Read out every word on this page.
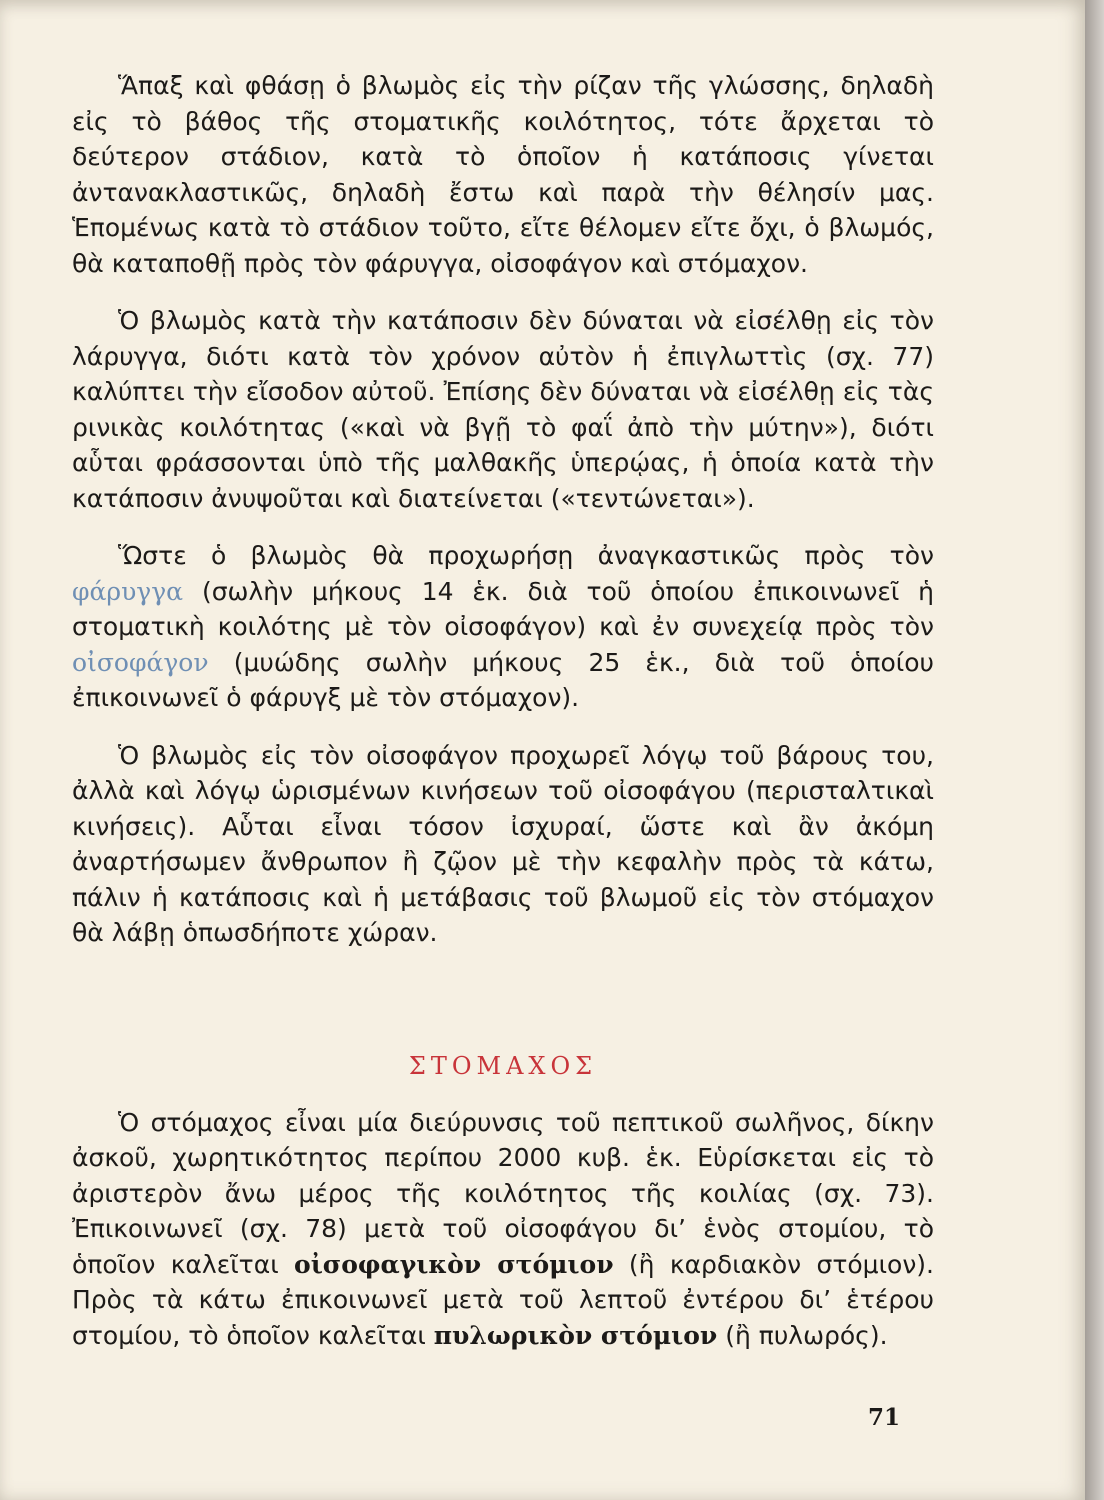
Ἅπαξ καὶ φθάσῃ ὁ βλωμὸς εἰς τὴν ρίζαν τῆς γλώσσης, δηλαδὴ εἰς τὸ βάθος τῆς στοματικῆς κοιλότητος, τότε ἄρχεται τὸ δεύτερον στάδιον, κατὰ τὸ ὁποῖον ἡ κατάποσις γίνεται ἀντανακλαστικῶς, δηλαδὴ ἔστω καὶ παρὰ τὴν θέλησίν μας. Ἑπομένως κατὰ τὸ στάδιον τοῦτο, εἴτε θέλομεν εἴτε ὄχι, ὁ βλωμός, θὰ καταποθῇ πρὸς τὸν φάρυγγα, οἰσοφάγον καὶ στόμαχον.

Ὁ βλωμὸς κατὰ τὴν κατάποσιν δὲν δύναται νὰ εἰσέλθῃ εἰς τὸν λάρυγγα, διότι κατὰ τὸν χρόνον αὐτὸν ἡ ἐπιγλωττὶς (σχ. 77) καλύπτει τὴν εἴσοδον αὐτοῦ. Ἐπίσης δὲν δύναται νὰ εἰσέλθῃ εἰς τὰς ρινικὰς κοιλότητας («καὶ νὰ βγῇ τὸ φαΐ ἀπὸ τὴν μύτην»), διότι αὗται φράσσονται ὑπὸ τῆς μαλθακῆς ὑπερῴας, ἡ ὁποία κατὰ τὴν κατάποσιν ἀνυψοῦται καὶ διατείνεται («τεντώνεται»).

Ὥστε ὁ βλωμὸς θὰ προχωρήσῃ ἀναγκαστικῶς πρὸς τὸν φάρυγγα (σωλὴν μήκους 14 ἑκ. διὰ τοῦ ὁποίου ἐπικοινωνεῖ ἡ στοματικὴ κοιλότης μὲ τὸν οἰσοφάγον) καὶ ἐν συνεχείᾳ πρὸς τὸν οἰσοφάγον (μυώδης σωλὴν μήκους 25 ἑκ., διὰ τοῦ ὁποίου ἐπικοινωνεῖ ὁ φάρυγξ μὲ τὸν στόμαχον).

Ὁ βλωμὸς εἰς τὸν οἰσοφάγον προχωρεῖ λόγῳ τοῦ βάρους του, ἀλλὰ καὶ λόγῳ ὡρισμένων κινήσεων τοῦ οἰσοφάγου (περισταλτικαὶ κινήσεις). Αὗται εἶναι τόσον ἰσχυραί, ὥστε καὶ ἂν ἀκόμη ἀναρτήσωμεν ἄνθρωπον ἢ ζῷον μὲ τὴν κεφαλὴν πρὸς τὰ κάτω, πάλιν ἡ κατάποσις καὶ ἡ μετάβασις τοῦ βλωμοῦ εἰς τὸν στόμαχον θὰ λάβῃ ὁπωσδήποτε χώραν.

ΣΤΟΜΑΧΟΣ

Ὁ στόμαχος εἶναι μία διεύρυνσις τοῦ πεπτικοῦ σωλῆνος, δίκην ἀσκοῦ, χωρητικότητος περίπου 2000 κυβ. ἑκ. Εὑρίσκεται εἰς τὸ ἀριστερὸν ἄνω μέρος τῆς κοιλότητος τῆς κοιλίας (σχ. 73). Ἐπικοινωνεῖ (σχ. 78) μετὰ τοῦ οἰσοφάγου δι’ ἑνὸς στομίου, τὸ ὁποῖον καλεῖται οἰσοφαγικὸν στόμιον (ἢ καρδιακὸν στόμιον). Πρὸς τὰ κάτω ἐπικοινωνεῖ μετὰ τοῦ λεπτοῦ ἐντέρου δι’ ἑτέρου στομίου, τὸ ὁποῖον καλεῖται πυλωρικὸν στόμιον (ἢ πυλωρός).

71
